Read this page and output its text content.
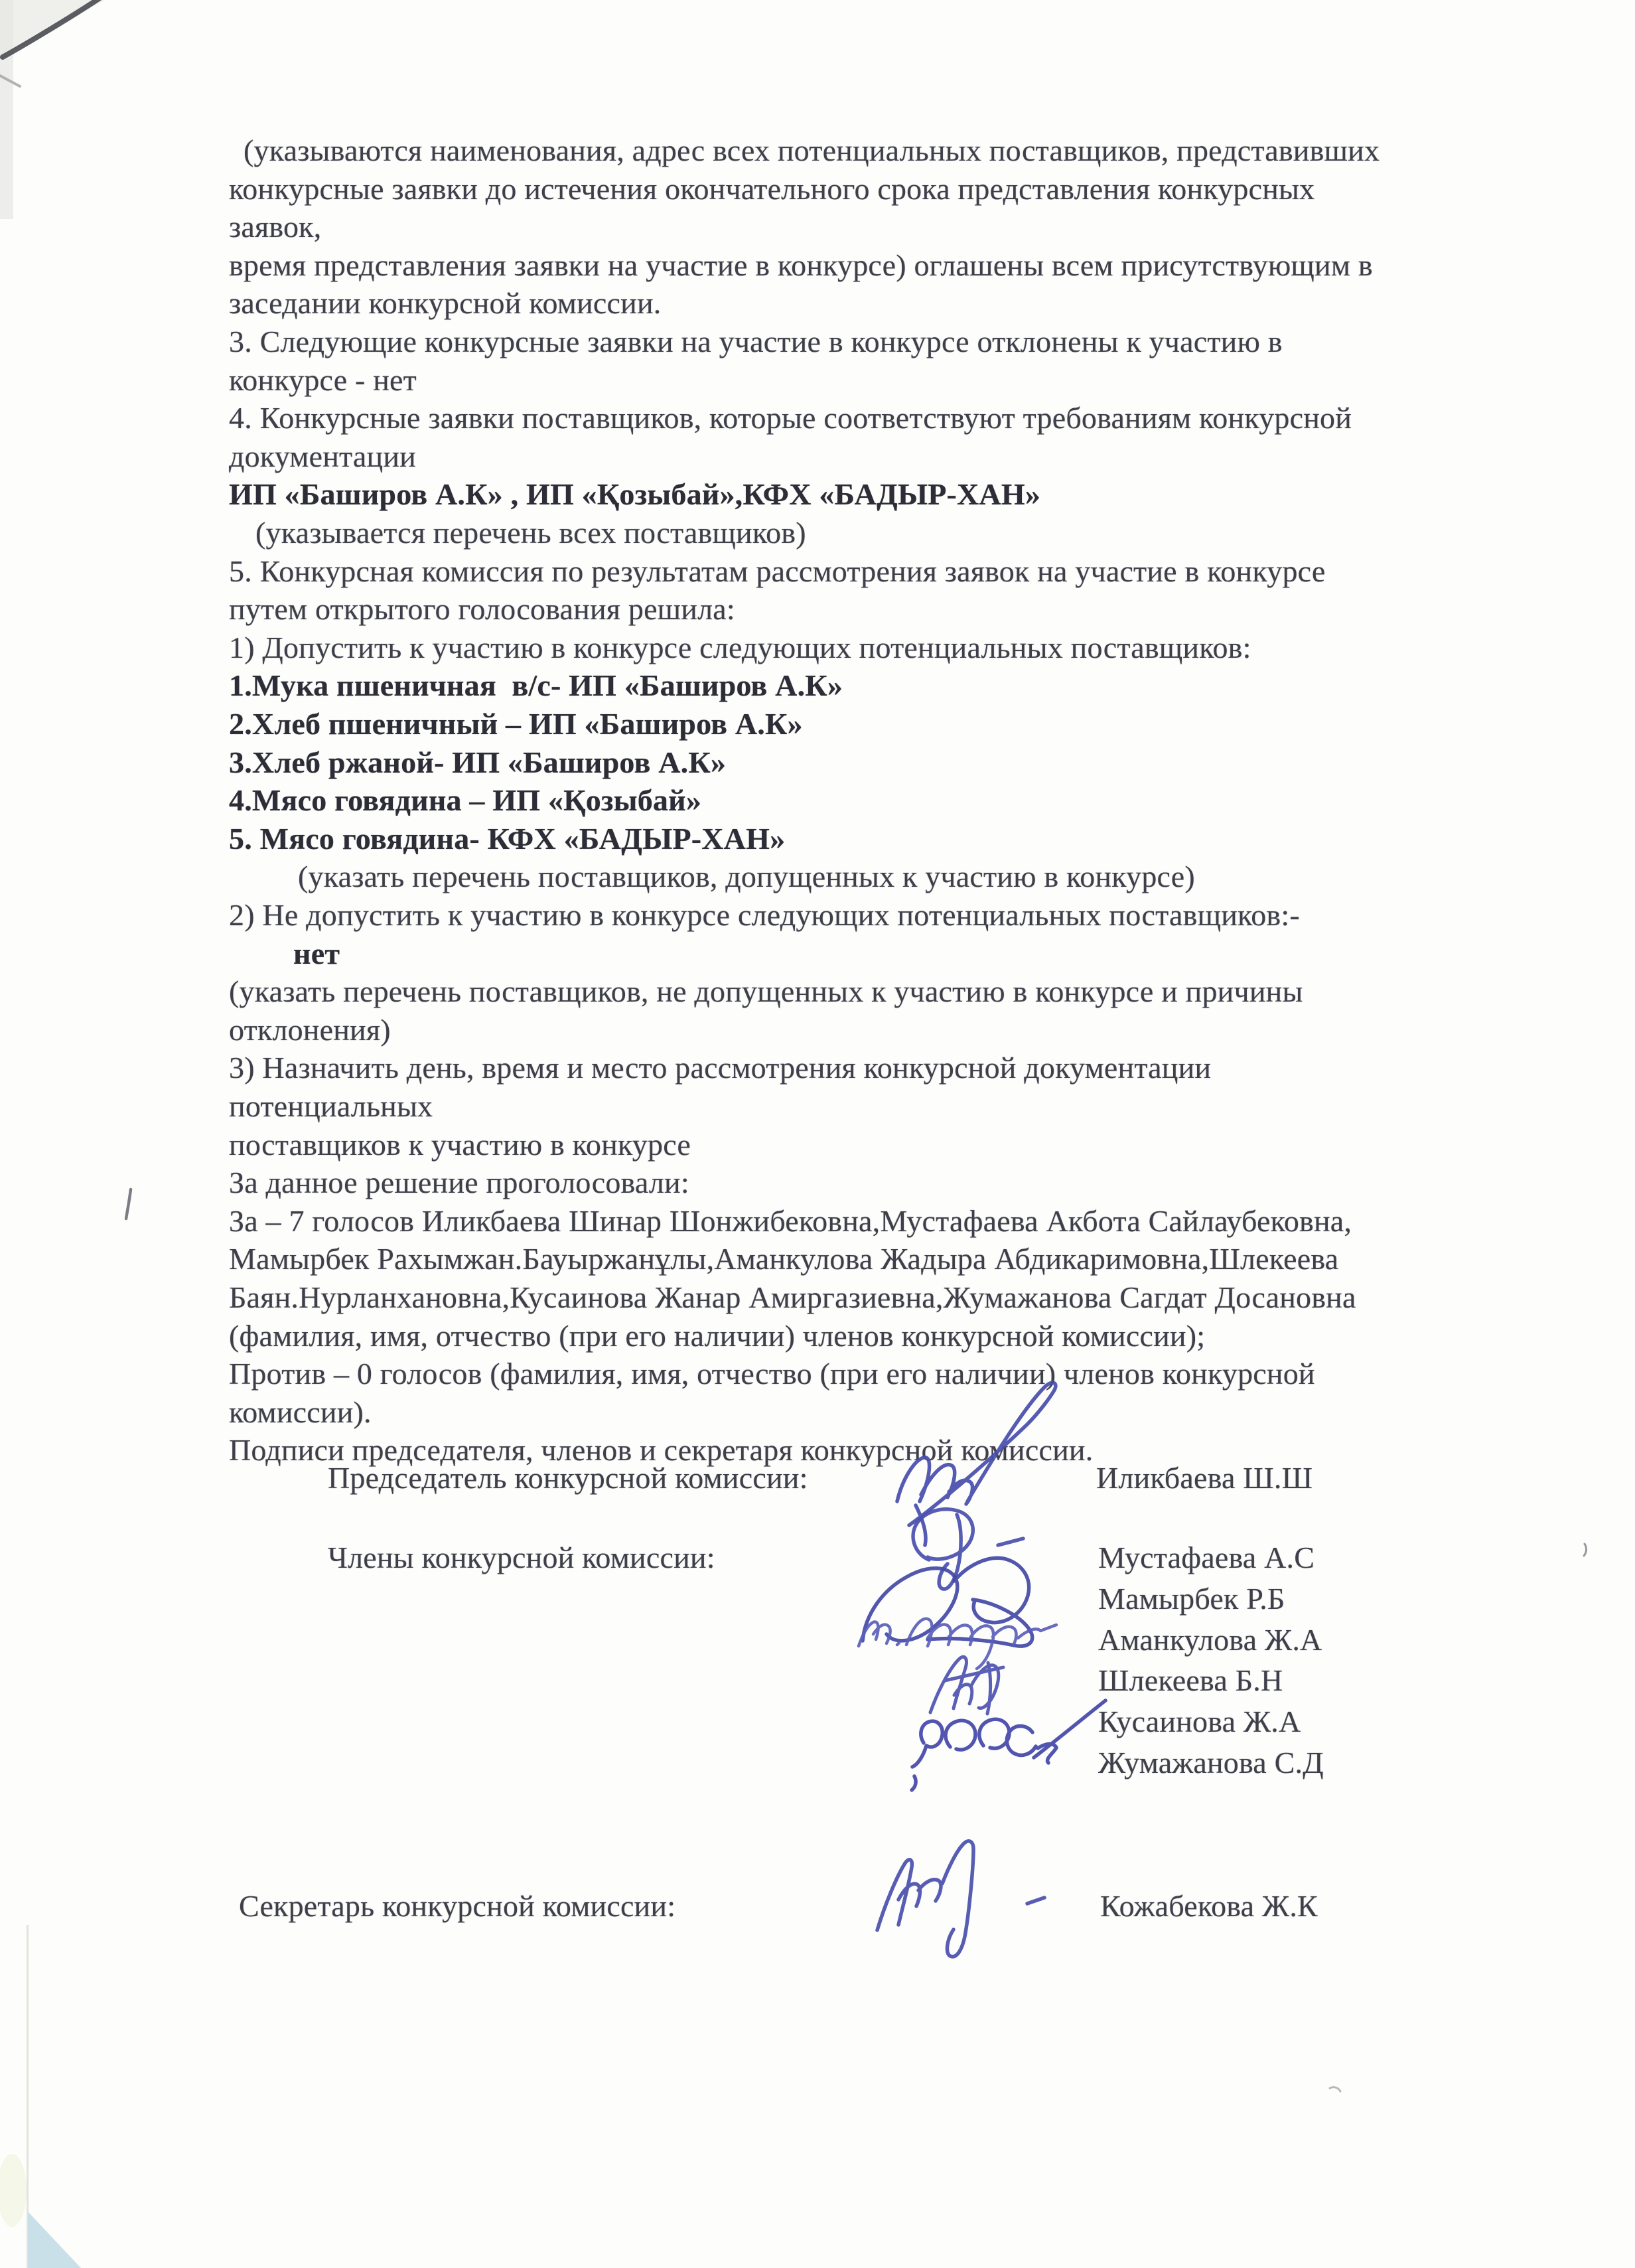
(указываются наименования, адрес всех потенциальных поставщиков, представивших
конкурсные заявки до истечения окончательного срока представления конкурсных
заявок,
время представления заявки на участие в конкурсе) оглашены всем присутствующим в
заседании конкурсной комиссии.
3. Следующие конкурсные заявки на участие в конкурсе отклонены к участию в
конкурсе - нет
4. Конкурсные заявки поставщиков, которые соответствуют требованиям конкурсной
документации
ИП «Баширов А.К» , ИП «Қозыбай»,КФХ «БАДЫР-ХАН»
(указывается перечень всех поставщиков)
5. Конкурсная комиссия по результатам рассмотрения заявок на участие в конкурсе
путем открытого голосования решила:
1) Допустить к участию в конкурсе следующих потенциальных поставщиков:
1.Мука пшеничная  в/с- ИП «Баширов А.К»
2.Хлеб пшеничный – ИП «Баширов А.К»
3.Хлеб ржаной- ИП «Баширов А.К»
4.Мясо говядина – ИП «Қозыбай»
5. Мясо говядина- КФХ «БАДЫР-ХАН»
(указать перечень поставщиков, допущенных к участию в конкурсе)
2) Не допустить к участию в конкурсе следующих потенциальных поставщиков:-
нет
(указать перечень поставщиков, не допущенных к участию в конкурсе и причины
отклонения)
3) Назначить день, время и место рассмотрения конкурсной документации
потенциальных
поставщиков к участию в конкурсе
За данное решение проголосовали:
За – 7 голосов Иликбаева Шинар Шонжибековна,Мустафаева Акбота Сайлаубековна,
Мамырбек Рахымжан.Бауыржанұлы,Аманкулова Жадыра Абдикаримовна,Шлекеева
Баян.Нурланхановна,Кусаинова Жанар Амиргазиевна,Жумажанова Сагдат Досановна
(фамилия, имя, отчество (при его наличии) членов конкурсной комиссии);
Против – 0 голосов (фамилия, имя, отчество (при его наличии) членов конкурсной
комиссии).
Подписи председателя, членов и секретаря конкурсной комиссии.
Председатель конкурсной комиссии:	Иликбаева Ш.Ш
Члены конкурсной комиссии:	Мустафаева А.С
Мамырбек Р.Б
Аманкулова Ж.А
Шлекеева Б.Н
Кусаинова Ж.А
Жумажанова С.Д
Секретарь конкурсной комиссии:	Кожабекова Ж.К
